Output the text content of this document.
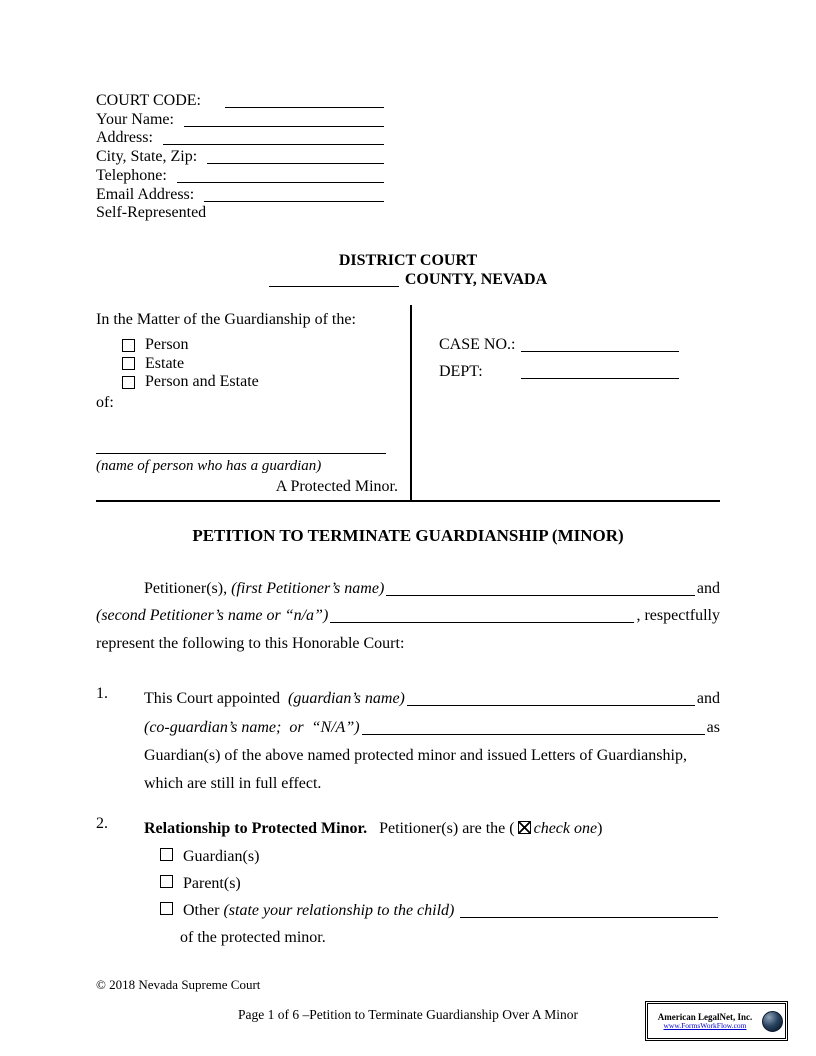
COURT CODE:
Your Name:
Address:
City, State, Zip:
Telephone:
Email Address:
Self-Represented
DISTRICT COURT
COUNTY, NEVADA
In the Matter of the Guardianship of the:
Person
Estate
Person and Estate
of:
(name of person who has a guardian)
A Protected Minor.
CASE NO.:
DEPT:
PETITION TO TERMINATE GUARDIANSHIP (MINOR)
Petitioner(s), (first Petitioner’s name)	and
(second Petitioner’s name or “n/a”)	, respectfully
represent the following to this Honorable Court:
1.	This Court appointed (guardian’s name)	and
(co-guardian’s name;  or  “N/A”)	as
Guardian(s) of the above named protected minor and issued Letters of Guardianship,
which are still in full effect.
2.	Relationship to Protected Minor. Petitioner(s) are the ( check one )
Guardian(s)
Parent(s)
Other (state your relationship to the child)
of the protected minor.
© 2018 Nevada Supreme Court
Page 1 of 6 –Petition to Terminate Guardianship Over A Minor	American LegalNet, Inc.
www.FormsWorkFlow.com
